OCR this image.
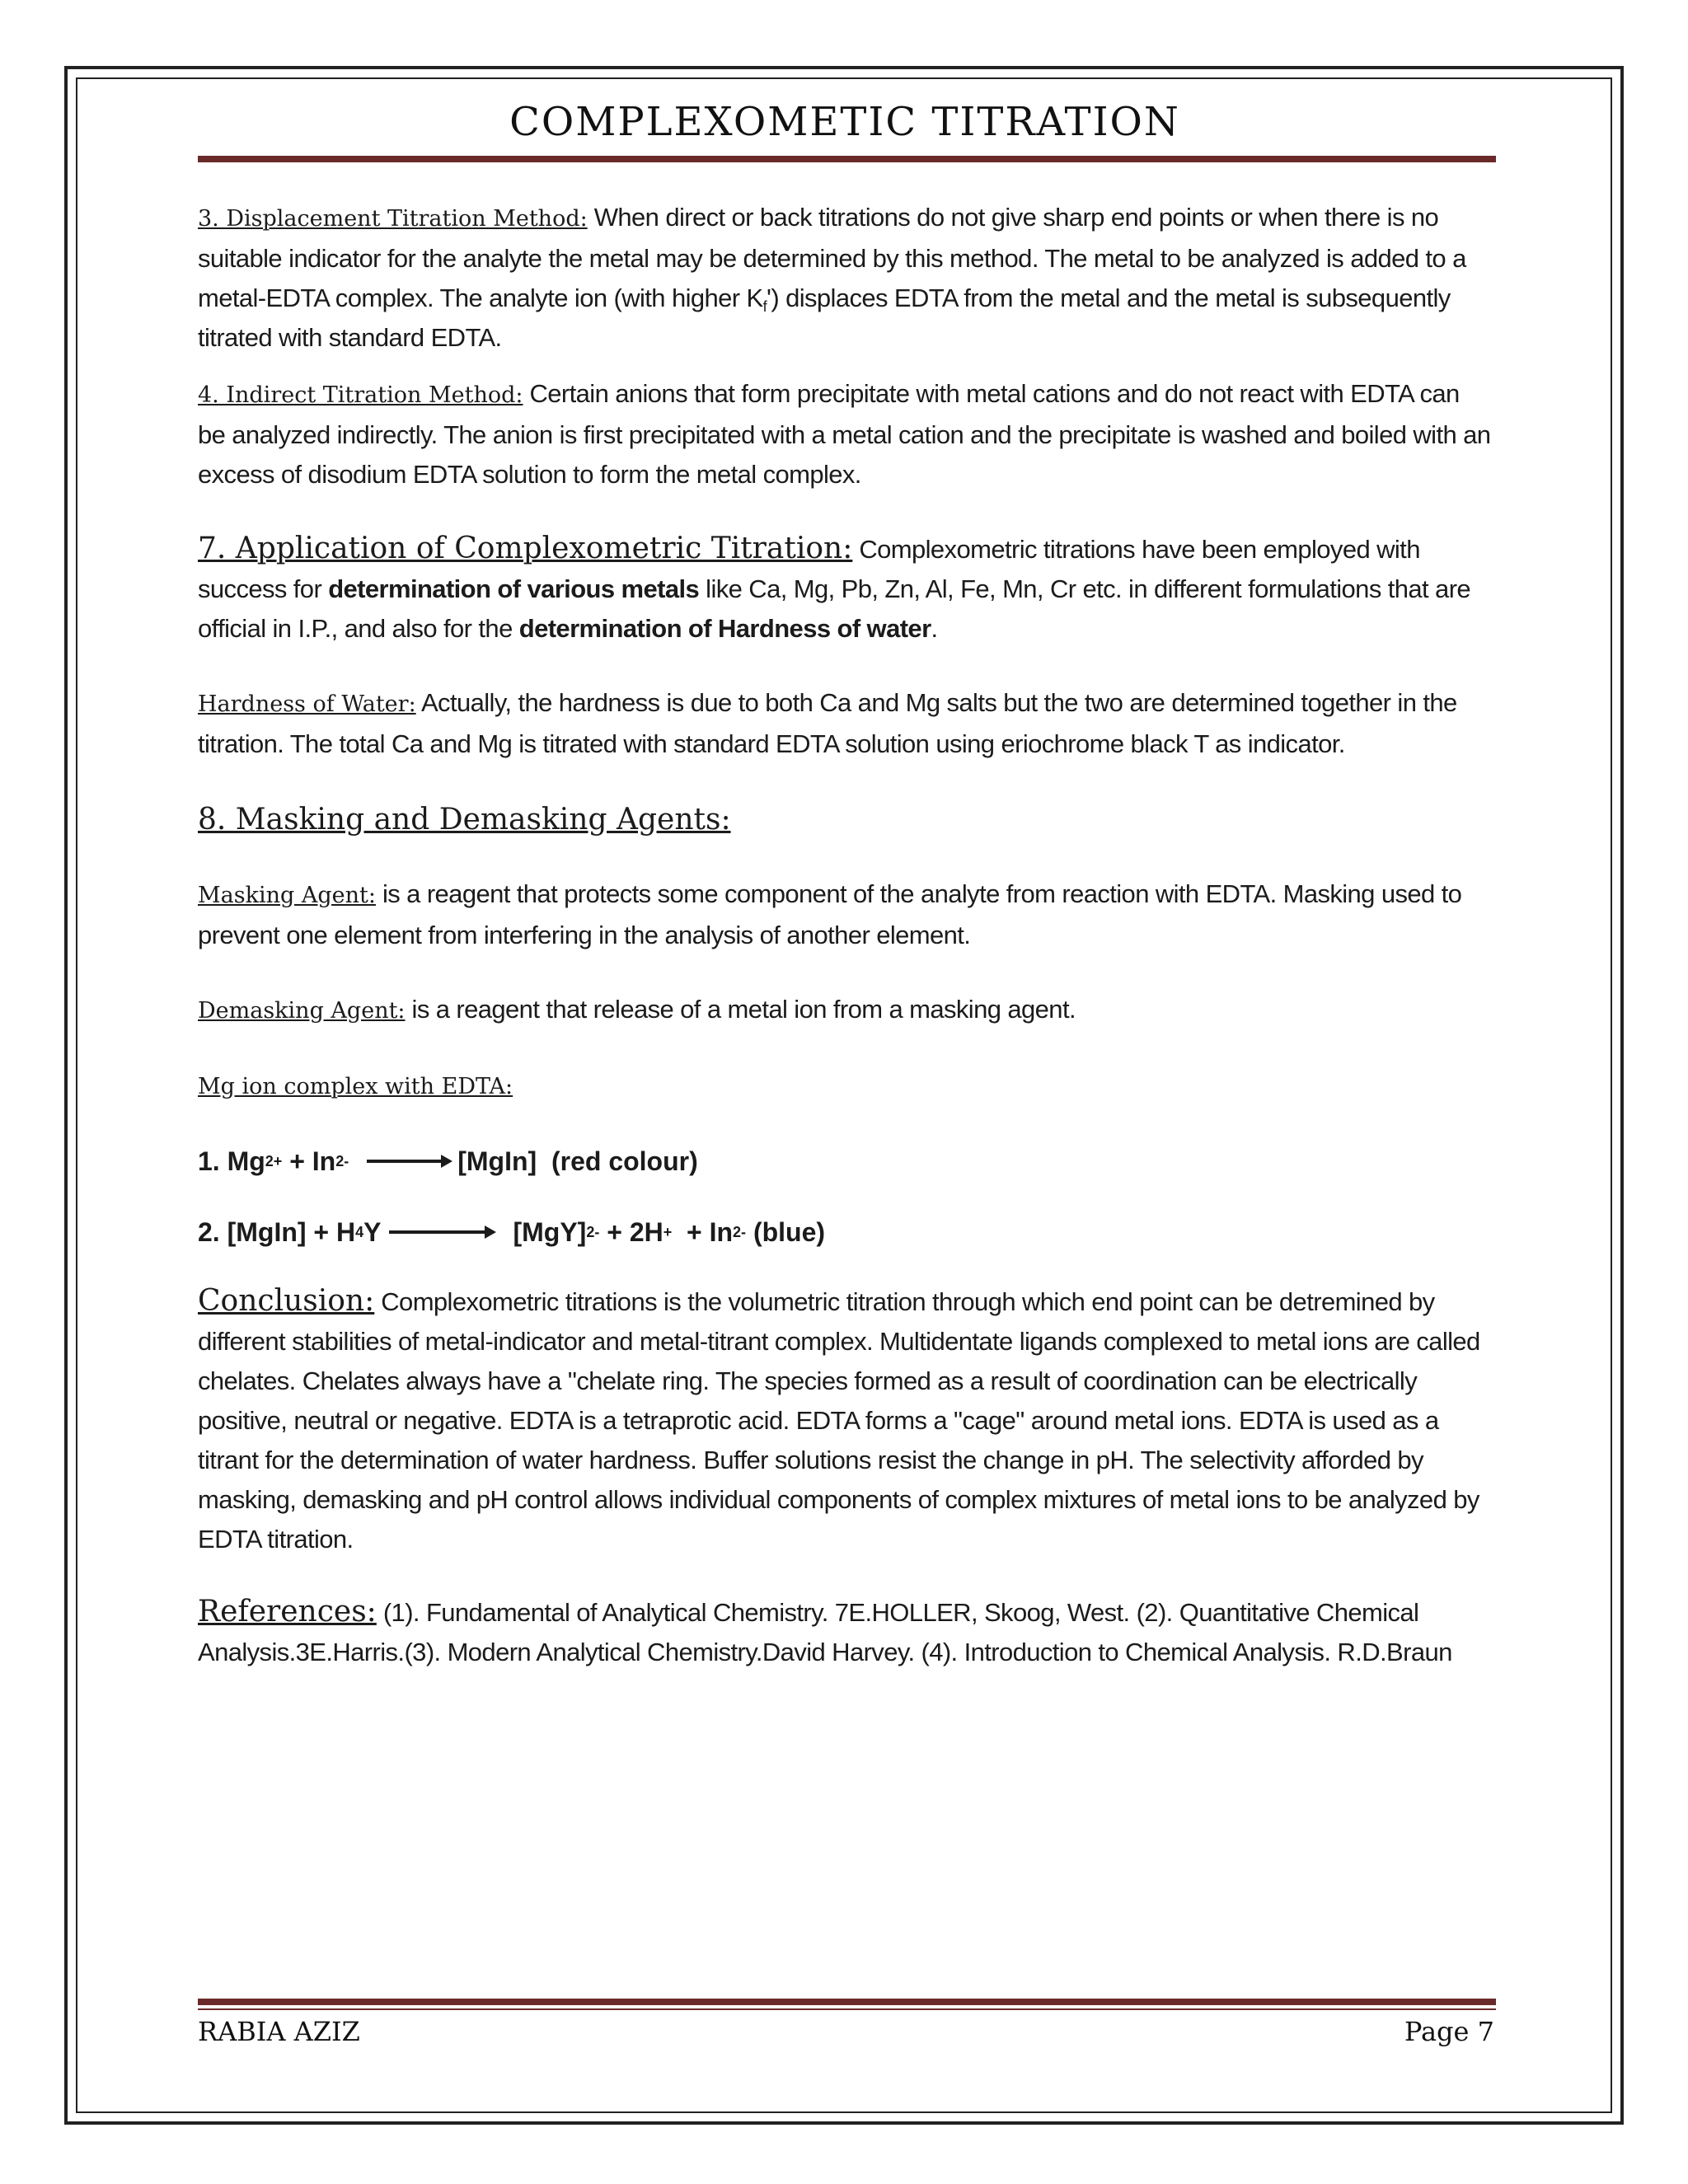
COMPLEXOMETIC TITRATION

3. Displacement Titration Method: When direct or back titrations do not give sharp end points or when there is no suitable indicator for the analyte the metal may be determined by this method. The metal to be analyzed is added to a metal-EDTA complex. The analyte ion (with higher $K_f'$) displaces EDTA from the metal and the metal is subsequently titrated with standard EDTA.

4. Indirect Titration Method: Certain anions that form precipitate with metal cations and do not react with EDTA can be analyzed indirectly. The anion is first precipitated with a metal cation and the precipitate is washed and boiled with an excess of disodium EDTA solution to form the metal complex.

7. Application of Complexometric Titration: Complexometric titrations have been employed with success for determination of various metals like Ca, Mg, Pb, Zn, Al, Fe, Mn, Cr etc. in different formulations that are official in I.P., and also for the determination of Hardness of water.

Hardness of Water: Actually, the hardness is due to both Ca and Mg salts but the two are determined together in the titration. The total Ca and Mg is titrated with standard EDTA solution using eriochrome black T as indicator.

8. Masking and Demasking Agents:

Masking Agent: is a reagent that protects some component of the analyte from reaction with EDTA. Masking used to prevent one element from interfering in the analysis of another element.

Demasking Agent: is a reagent that release of a metal ion from a masking agent.

Mg ion complex with EDTA:

1. Mg 2+ + In 2- → [MgIn]  (red colour)

2. [MgIn] + H 4 Y → [MgY] 2- + 2H + + In 2- (blue)

Conclusion: Complexometric titrations is the volumetric titration through which end point can be detremined by different stabilities of metal-indicator and metal-titrant complex. Multidentate ligands complexed to metal ions are called chelates. Chelates always have a "chelate ring. The species formed as a result of coordination can be electrically positive, neutral or negative. EDTA is a tetraprotic acid. EDTA forms a "cage" around metal ions. EDTA is used as a titrant for the determination of water hardness. Buffer solutions resist the change in pH. The selectivity afforded by masking, demasking and pH control allows individual components of complex mixtures of metal ions to be analyzed by EDTA titration.

References: (1). Fundamental of Analytical Chemistry. 7E.HOLLER, Skoog, West. (2). Quantitative Chemical Analysis.3E.Harris.(3). Modern Analytical Chemistry.David Harvey. (4). Introduction to Chemical Analysis. R.D.Braun

RABIA AZIZ	Page 7
